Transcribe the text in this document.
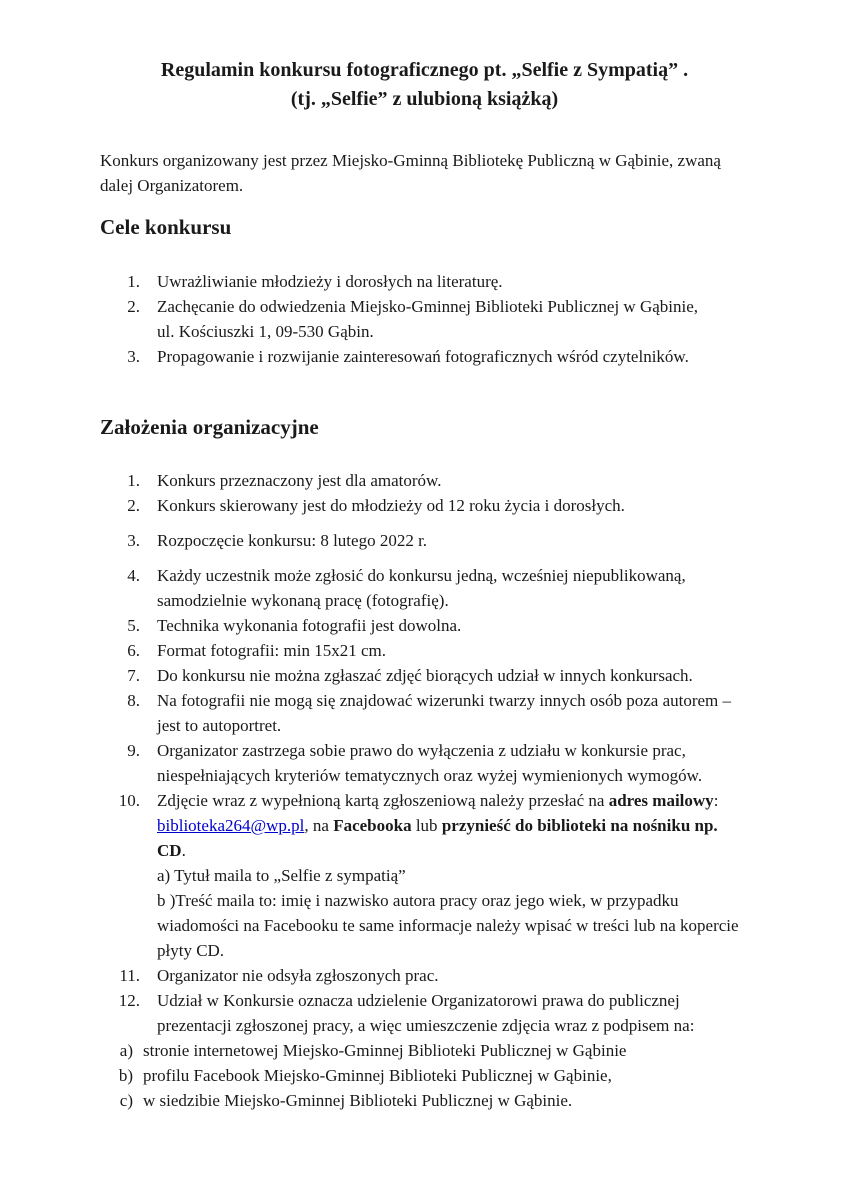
Regulamin konkursu fotograficznego pt. „Selfie z Sympatią” .
(tj. „Selfie” z ulubioną książką)

Konkurs organizowany jest przez Miejsko-Gminną Bibliotekę Publiczną w Gąbinie, zwaną
dalej Organizatorem.

Cele konkursu
1. Uwrażliwianie młodzieży i dorosłych na literaturę.
2. Zachęcanie do odwiedzenia Miejsko-Gminnej Biblioteki Publicznej w Gąbinie,
ul. Kościuszki 1, 09-530 Gąbin.
3. Propagowanie i rozwijanie zainteresowań fotograficznych wśród czytelników.
Założenia organizacyjne
1. Konkurs przeznaczony jest dla amatorów.
2. Konkurs skierowany jest do młodzieży od 12 roku życia i dorosłych.
3. Rozpoczęcie konkursu: 8 lutego 2022 r.
4. Każdy uczestnik może zgłosić do konkursu jedną, wcześniej niepublikowaną,
samodzielnie wykonaną pracę (fotografię).
5. Technika wykonania fotografii jest dowolna.
6. Format fotografii: min 15x21 cm.
7. Do konkursu nie można zgłaszać zdjęć biorących udział w innych konkursach.
8. Na fotografii nie mogą się znajdować wizerunki twarzy innych osób poza autorem –
jest to autoportret.
9. Organizator zastrzega sobie prawo do wyłączenia z udziału w konkursie prac,
niespełniających kryteriów tematycznych oraz wyżej wymienionych wymogów.
10. Zdjęcie wraz z wypełnioną kartą zgłoszeniową należy przesłać na adres mailowy:
biblioteka264@wp.pl, na Facebooka lub przynieść do biblioteki na nośniku np.
CD.
a) Tytuł maila to „Selfie z sympatią”
b )Treść maila to: imię i nazwisko autora pracy oraz jego wiek, w przypadku
wiadomości na Facebooku te same informacje należy wpisać w treści lub na kopercie
płyty CD.
11. Organizator nie odsyła zgłoszonych prac.
12. Udział w Konkursie oznacza udzielenie Organizatorowi prawa do publicznej
prezentacji zgłoszonej pracy, a więc umieszczenie zdjęcia wraz z podpisem na:
a) stronie internetowej Miejsko-Gminnej Biblioteki Publicznej w Gąbinie
b) profilu Facebook Miejsko-Gminnej Biblioteki Publicznej w Gąbinie,
c) w siedzibie Miejsko-Gminnej Biblioteki Publicznej w Gąbinie.
